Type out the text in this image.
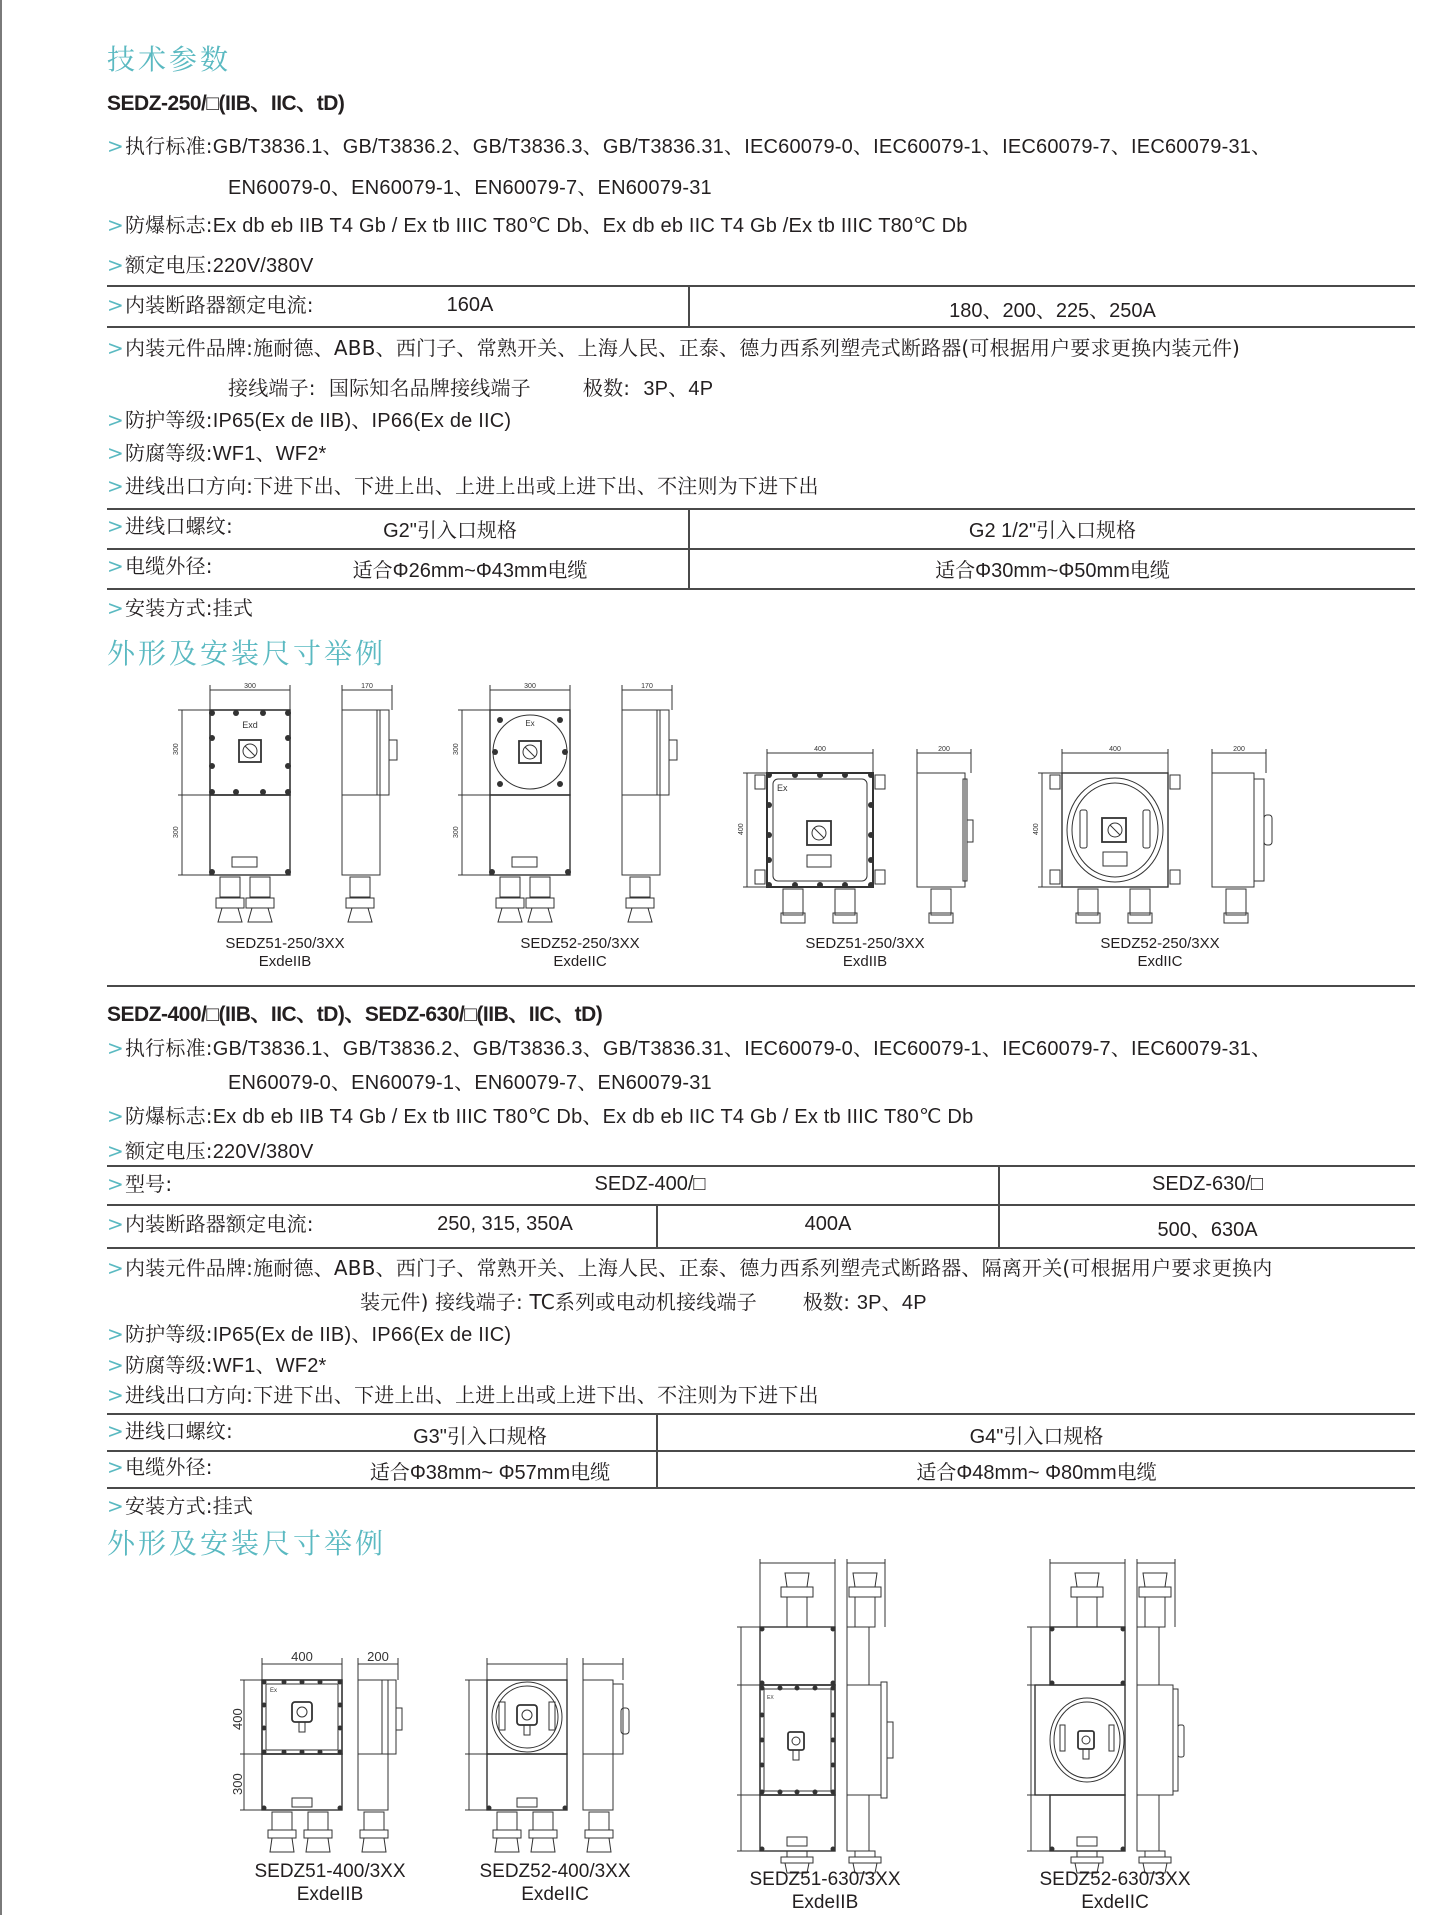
技术参数
SEDZ-250/□(IIB、IIC、tD)
>执行标准:GB/T3836.1、GB/T3836.2、GB/T3836.3、GB/T3836.31、IEC60079-0、IEC60079-1、IEC60079-7、IEC60079-31、
EN60079-0、EN60079-1、EN60079-7、EN60079-31
>防爆标志:Ex db eb IIB T4 Gb / Ex tb IIIC T80℃ Db、Ex db eb IIC T4 Gb /Ex tb IIIC T80℃ Db
>额定电压:220V/380V
>内装断路器额定电流:	160A	180、200、225、250A
>内装元件品牌:施耐德、ABB、西门子、常熟开关、上海人民、正泰、德力西系列塑壳式断路器(可根据用户要求更换内装元件)
接线端子: 国际知名品牌接线端子	极数: 3P、4P
>防护等级:IP65(Ex de IIB)、IP66(Ex de IIC)
>防腐等级:WF1、WF2*
>进线出口方向:下进下出、下进上出、上进上出或上进下出、不注则为下进下出
>进线口螺纹:	G2"引入口规格	G2 1/2"引入口规格
>电缆外径:	适合Φ26mm~Φ43mm电缆	适合Φ30mm~Φ50mm电缆
>安装方式:挂式
外形及安装尺寸举例
300
Exd
300
300
170
SEDZ51-250/3XX
ExdeIIB
300
Ex
300
300
170
SEDZ52-250/3XX
ExdeIIC
400
Ex
400
200
SEDZ51-250/3XX
ExdIIB
400
400
200
SEDZ52-250/3XX
ExdIIC
SEDZ-400/□(IIB、IIC、tD)、SEDZ-630/□(IIB、IIC、tD)
>执行标准:GB/T3836.1、GB/T3836.2、GB/T3836.3、GB/T3836.31、IEC60079-0、IEC60079-1、IEC60079-7、IEC60079-31、
EN60079-0、EN60079-1、EN60079-7、EN60079-31
>防爆标志:Ex db eb IIB T4 Gb / Ex tb IIIC T80℃ Db、Ex db eb IIC T4 Gb / Ex tb IIIC T80℃ Db
>额定电压:220V/380V
>型号:	SEDZ-400/□	SEDZ-630/□
>内装断路器额定电流:	250, 315, 350A	400A	500、630A
>内装元件品牌:施耐德、ABB、西门子、常熟开关、上海人民、正泰、德力西系列塑壳式断路器、隔离开关(可根据用户要求更换内
装元件) 接线端子: TC系列或电动机接线端子 极数: 3P、4P
>防护等级:IP65(Ex de IIB)、IP66(Ex de IIC)
>防腐等级:WF1、WF2*
>进线出口方向:下进下出、下进上出、上进上出或上进下出、不注则为下进下出
>进线口螺纹:	G3"引入口规格	G4"引入口规格
>电缆外径:	适合Φ38mm~ Φ57mm电缆	适合Φ48mm~ Φ80mm电缆
>安装方式:挂式
外形及安装尺寸举例
400	200
Ex
400
300
SEDZ51-400/3XX
ExdeIIB
SEDZ52-400/3XX
ExdeIIC
EX
SEDZ51-630/3XX
ExdeIIB
SEDZ52-630/3XX
ExdeIIC
